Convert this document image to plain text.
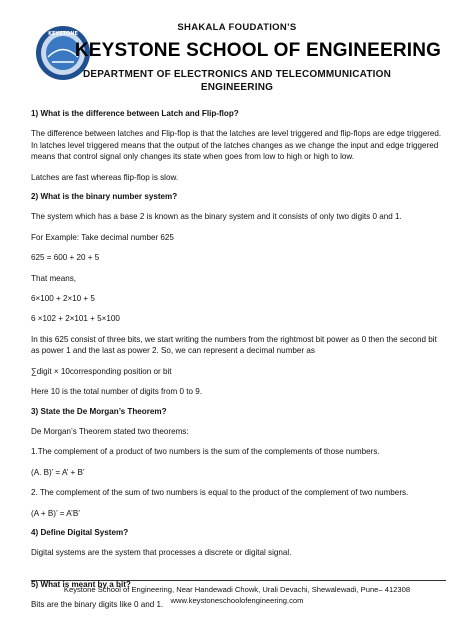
KEYSTONE
SHAKALA FOUDATION’S
KEYSTONE SCHOOL OF ENGINEERING
DEPARTMENT OF ELECTRONICS AND TELECOMMUNICATION
ENGINEERING

1) What is the difference between Latch and Flip-flop?

The difference between latches and Flip-flop is that the latches are level triggered and flip-flops are edge triggered. In latches level triggered means that the output of the latches changes as we change the input and edge triggered means that control signal only changes its state when goes from low to high or high to low.

Latches are fast whereas flip-flop is slow.

2) What is the binary number system?

The system which has a base 2 is known as the binary system and it consists of only two digits 0 and 1.

For Example: Take decimal number 625

625 = 600 + 20 + 5

That means,

6×100 + 2×10 + 5

6 ×102 + 2×101 + 5×100

In this 625 consist of three bits, we start writing the numbers from the rightmost bit power as 0 then the second bit as power 1 and the last as power 2. So, we can represent a decimal number as

∑digit × 10corresponding position or bit

Here 10 is the total number of digits from 0 to 9.

3) State the De Morgan’s Theorem?

De Morgan’s Theorem stated two theorems:

1.The complement of a product of two numbers is the sum of the complements of those numbers.

(A. B)’ = A’ + B’

2. The complement of the sum of two numbers is equal to the product of the complement of two numbers.

(A + B)’ = A’B’

4) Define Digital System?

Digital systems are the system that processes a discrete or digital signal.

5) What is meant by a bit?

Bits are the binary digits like 0 and 1.

Keystone School of Engineering, Near Handewadi Chowk, Urali Devachi, Shewalewadi, Pune– 412308
www.keystoneschoolofengineering.com
